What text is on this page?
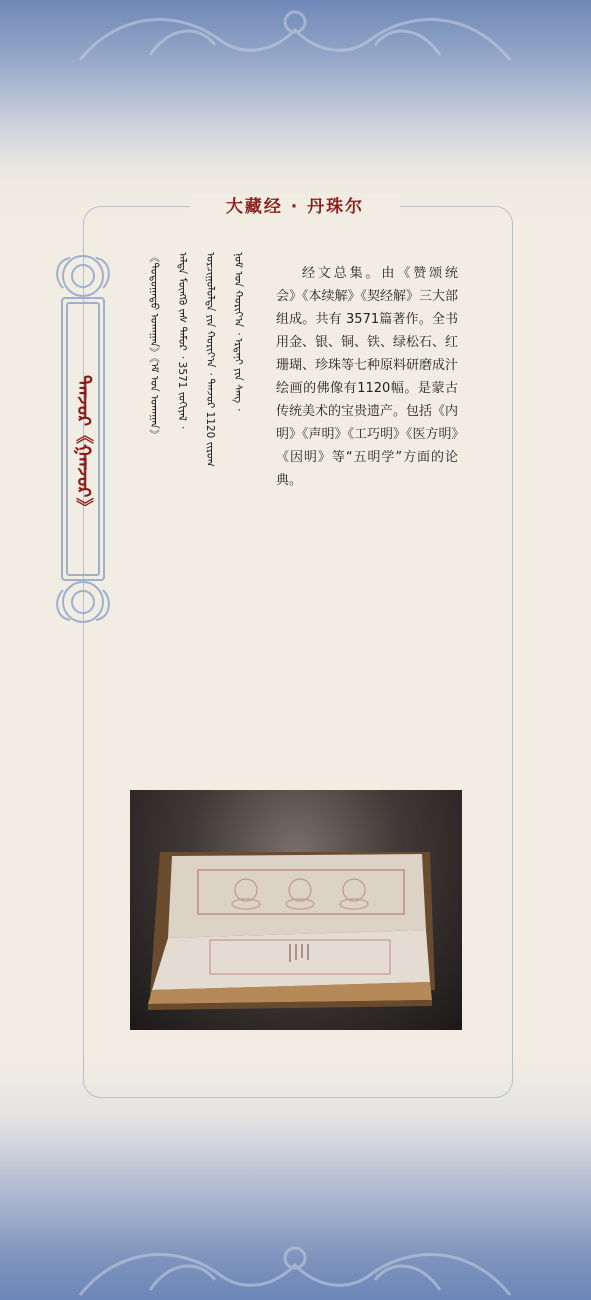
大藏经 · 丹珠尔
ᠳᠠᠨᠵᠤᠷ《ᠭᠠᠨᠵᠤᠷ》
ᠨᠣᠮ ᠤᠨ ᠬᠣᠷᠢᠶ᠎ᠠ ᠂ ᠡᠷᠳᠡᠨᠢ ᠶᠢᠨ ᠰᠠᠩ ᠂
ᠣᠷᠴᠢᠭᠤᠯᠤᠯᠲᠠ ᠶᠢᠨ ᠬᠣᠷᠢᠶ᠎ᠠ ᠂ ᠳᠠᠨᠵᠤᠷ 1120 ᠵᠢᠷᠤᠭ
ᠠᠯᠲᠠ ᠮᠥᠩᠭᠦ ᠵᠡᠰ ᠲᠡᠮᠦᠷ ᠂ 3571 ᠵᠣᠬᠢᠶᠠᠯ ᠂
《ᠳᠣᠲᠤᠭᠠᠳᠤ ᠤᠬᠠᠭᠠᠨ》《ᠡᠮ ᠤᠨ ᠤᠬᠠᠭᠠᠨ》	经文总集。由《赞颂统会》《本续解》《契经解》三大部组成。共有 3571篇著作。全书用金、银、铜、铁、绿松石、红珊瑚、珍珠等七种原料研磨成汁绘画的佛像有1120幅。是蒙古传统美术的宝贵遗产。包括《内明》《声明》《工巧明》《医方明》《因明》等“五明学”方面的论典。
